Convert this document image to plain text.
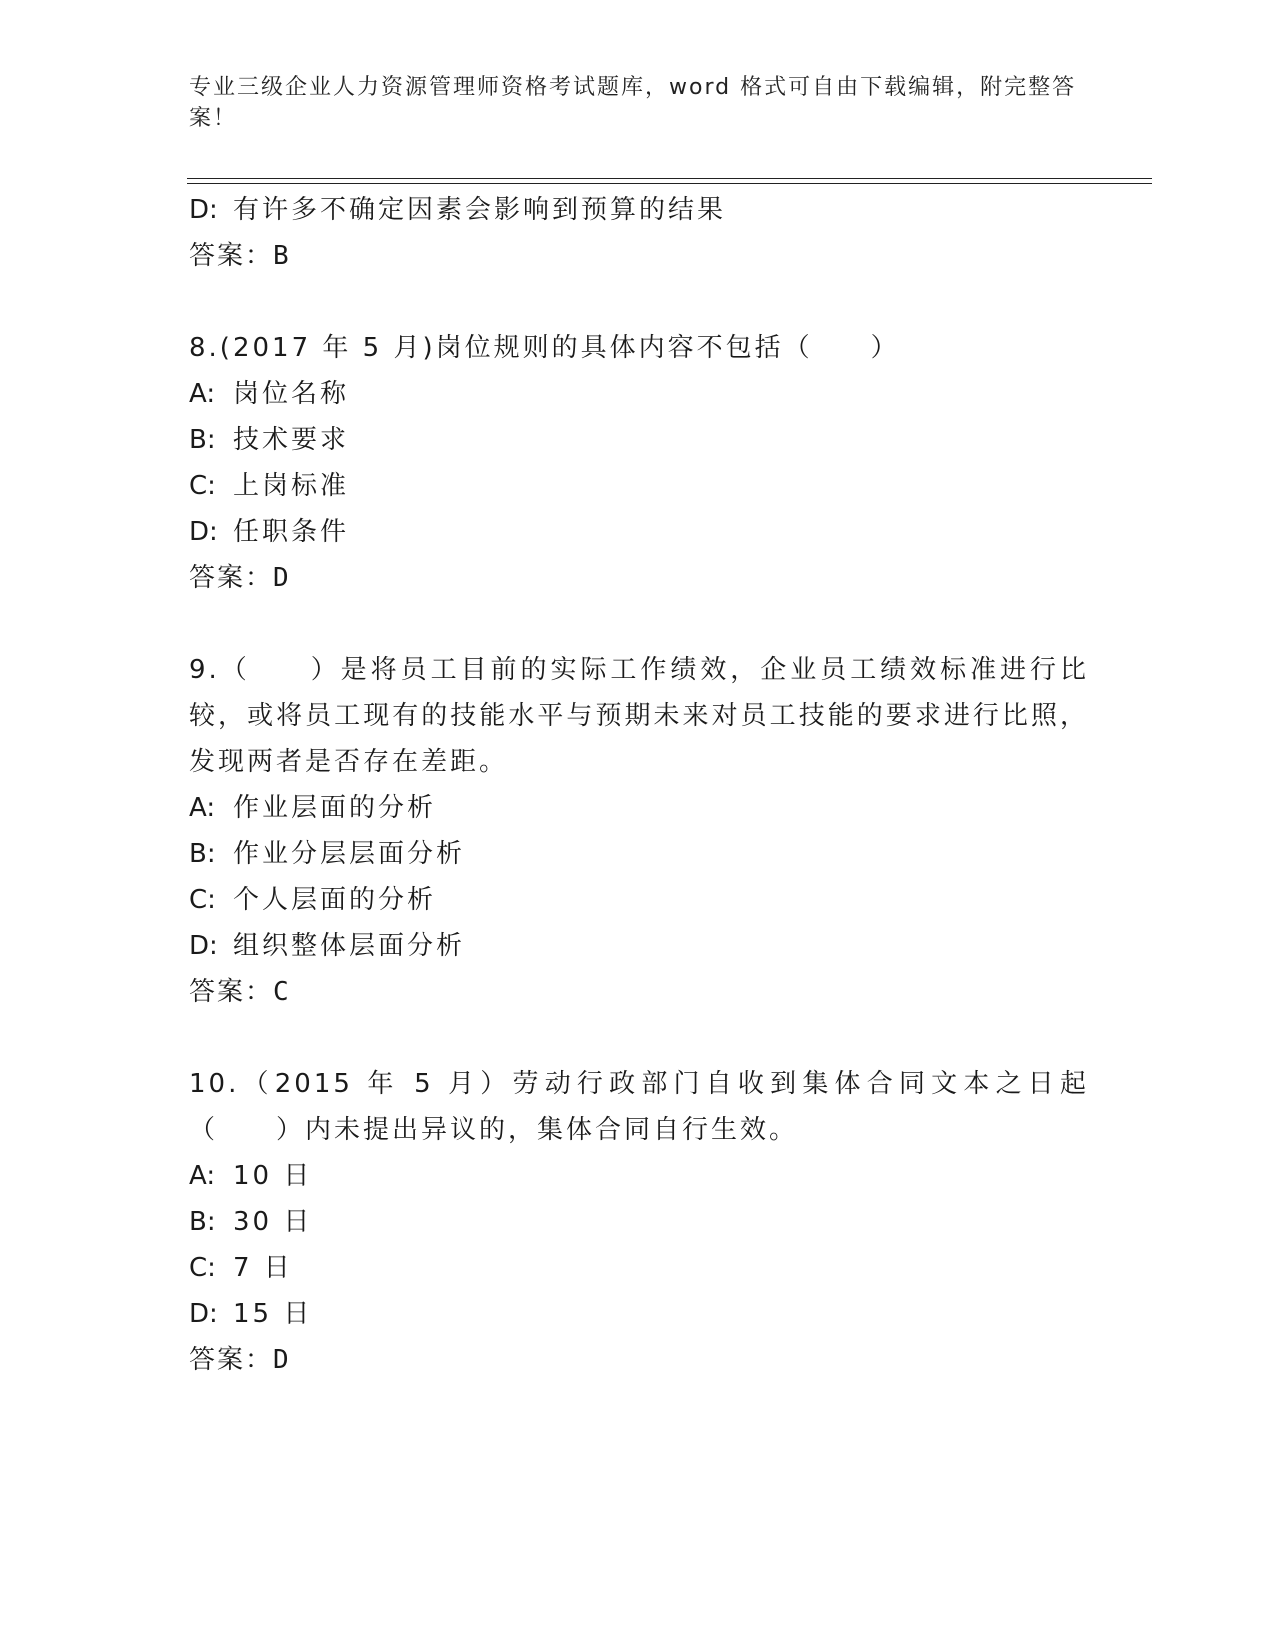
专业三级企业人力资源管理师资格考试题库，word 格式可自由下载编辑，附完整答案！
D: 有许多不确定因素会影响到预算的结果
答案：B
8.(2017 年 5 月)岗位规则的具体内容不包括（　　）
A: 岗位名称
B: 技术要求
C: 上岗标准
D: 任职条件
答案：D
9.（　　）是将员工目前的实际工作绩效，企业员工绩效标准进行比较，或将员工现有的技能水平与预期未来对员工技能的要求进行比照，发现两者是否存在差距。
A: 作业层面的分析
B: 作业分层层面分析
C: 个人层面的分析
D: 组织整体层面分析
答案：C
10.（2015 年 5 月）劳动行政部门自收到集体合同文本之日起（　　）内未提出异议的，集体合同自行生效。
A: 10 日
B: 30 日
C: 7 日
D: 15 日
答案：D
